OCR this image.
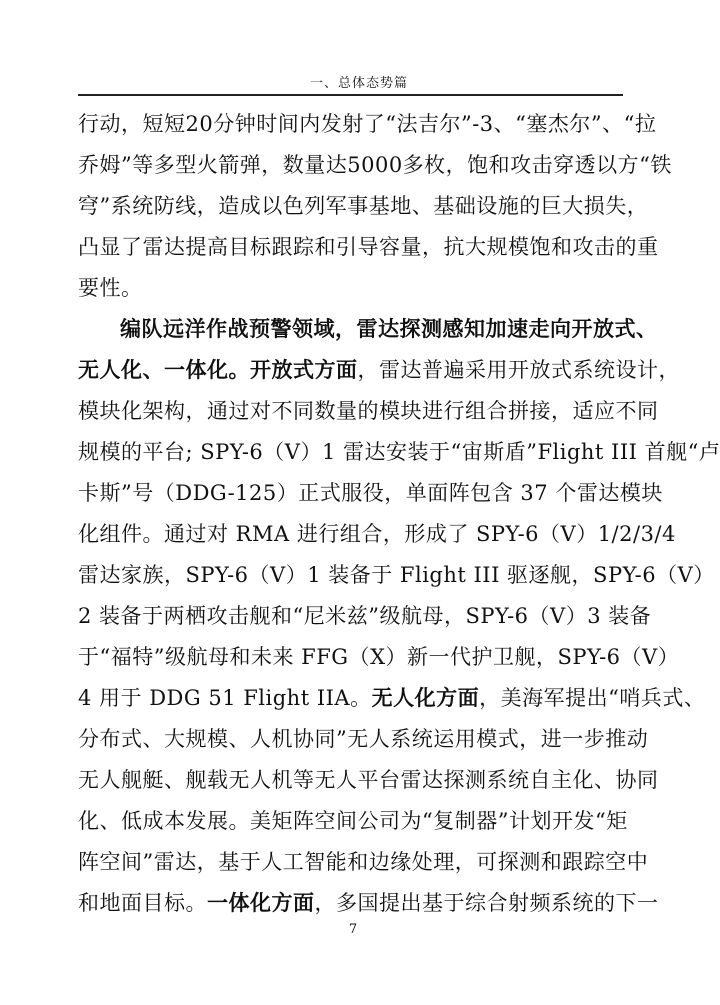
一、总体态势篇
行动，短短20分钟时间内发射了“法吉尔”-3、“塞杰尔”、“拉
乔姆”等多型火箭弹，数量达5000多枚，饱和攻击穿透以方“铁
穹”系统防线，造成以色列军事基地、基础设施的巨大损失，
凸显了雷达提高目标跟踪和引导容量，抗大规模饱和攻击的重
要性。
编队远洋作战预警领域，雷达探测感知加速走向开放式、
无人化、一体化。开放式方面，雷达普遍采用开放式系统设计，
模块化架构，通过对不同数量的模块进行组合拼接，适应不同
规模的平台; SPY-6（V）1 雷达安装于“宙斯盾”Flight III 首舰“卢
卡斯”号（DDG-125）正式服役，单面阵包含 37 个雷达模块
化组件。通过对 RMA 进行组合，形成了 SPY-6（V）1/2/3/4
雷达家族，SPY-6（V）1 装备于 Flight III 驱逐舰，SPY-6（V）
2 装备于两栖攻击舰和“尼米兹”级航母，SPY-6（V）3 装备
于“福特”级航母和未来 FFG（X）新一代护卫舰，SPY-6（V）
4 用于 DDG 51 Flight IIA。无人化方面，美海军提出“哨兵式、
分布式、大规模、人机协同”无人系统运用模式，进一步推动
无人舰艇、舰载无人机等无人平台雷达探测系统自主化、协同
化、低成本发展。美矩阵空间公司为“复制器”计划开发“矩
阵空间”雷达，基于人工智能和边缘处理，可探测和跟踪空中
和地面目标。一体化方面，多国提出基于综合射频系统的下一
7
